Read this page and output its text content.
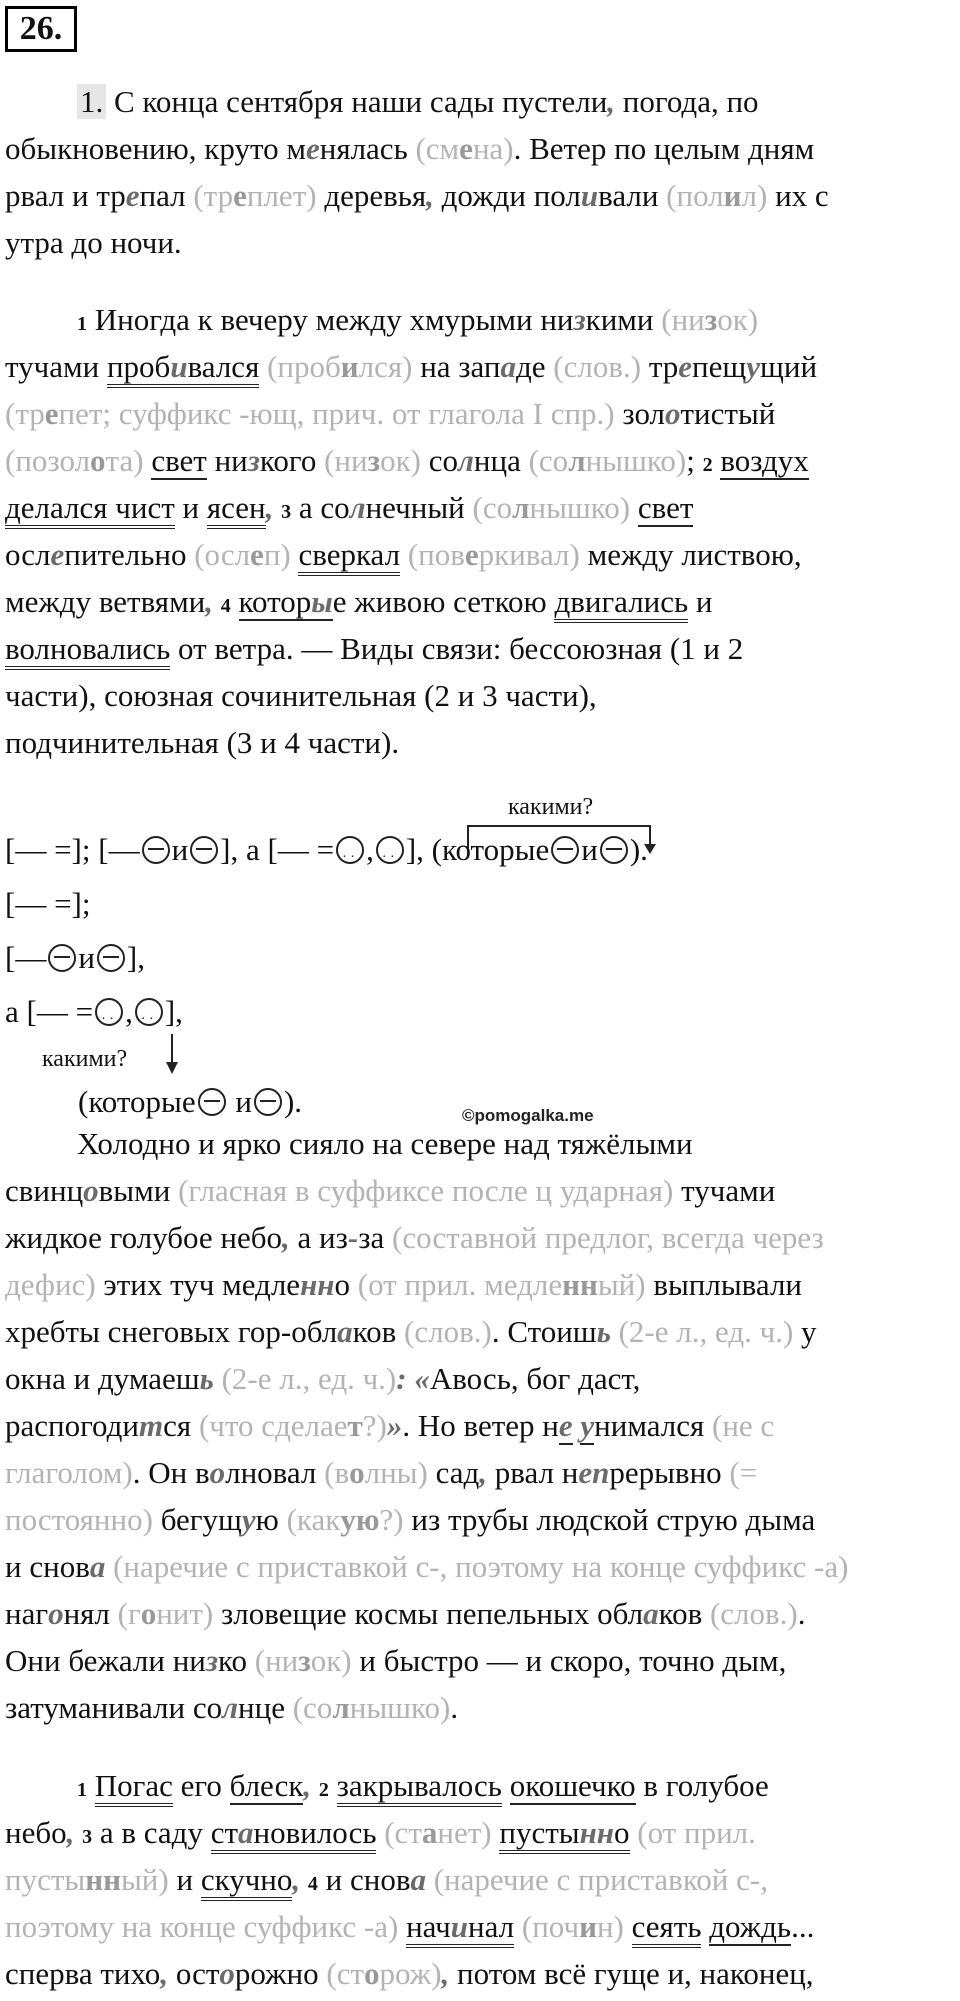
26.
1. С конца сентября наши сады пустели, погода, по
обыкновению, круто менялась (смена). Ветер по целым дням
рвал и трепал (треплет) деревья, дожди поливали (полил) их с
утра до ночи.
1 Иногда к вечеру между хмурыми низкими (низок)
тучами пробивался (пробился) на западе (слов.) трепещущий
(трепет; суффикс -ющ, прич. от глагола I спр.) золотистый
(позолота) свет низкого (низок) солнца (солнышко); 2 воздух
делался чист и ясен, 3 а солнечный (солнышко) свет
ослепительно (ослеп) сверкал (поверкивал) между листвою,
между ветвями, 4 которые живою сеткою двигались и
волновались от ветра. — Виды связи: бессоюзная (1 и 2
части), союзная сочинительная (2 и 3 части),
подчинительная (3 и 4 части).
какими?
[— =]; [— и ], а [— = · · , · · ], (которые и ).
[— =];
[— и ],
а [— = · · , · · ],
какими?
(которые и ).	©pomogalka.me
Холодно и ярко сияло на севере над тяжёлыми
свинцовыми (гласная в суффиксе после ц ударная) тучами
жидкое голубое небо, а из-за (составной предлог, всегда через
дефис) этих туч медленно (от прил. медленный) выплывали
хребты снеговых гор-облаков (слов.). Стоишь (2-е л., ед. ч.) у
окна и думаешь (2-е л., ед. ч.): «Авось, бог даст,
распогодится (что сделает?)». Но ветер не унимался (не с
глаголом). Он волновал (волны) сад, рвал непрерывно (=
постоянно) бегущую (какую?) из трубы людской струю дыма
и снова (наречие с приставкой с-, поэтому на конце суффикс -а)
нагонял (гонит) зловещие космы пепельных облаков (слов.).
Они бежали низко (низок) и быстро — и скоро, точно дым,
затуманивали солнце (солнышко).
1 Погас его блеск, 2 закрывалось окошечко в голубое
небо, 3 а в саду становилось (станет) пустынно (от прил.
пустынный) и скучно, 4 и снова (наречие с приставкой с-,
поэтому на конце суффикс -а) начинал (почин) сеять дождь...
сперва тихо, осторожно (сторож), потом всё гуще и, наконец,
